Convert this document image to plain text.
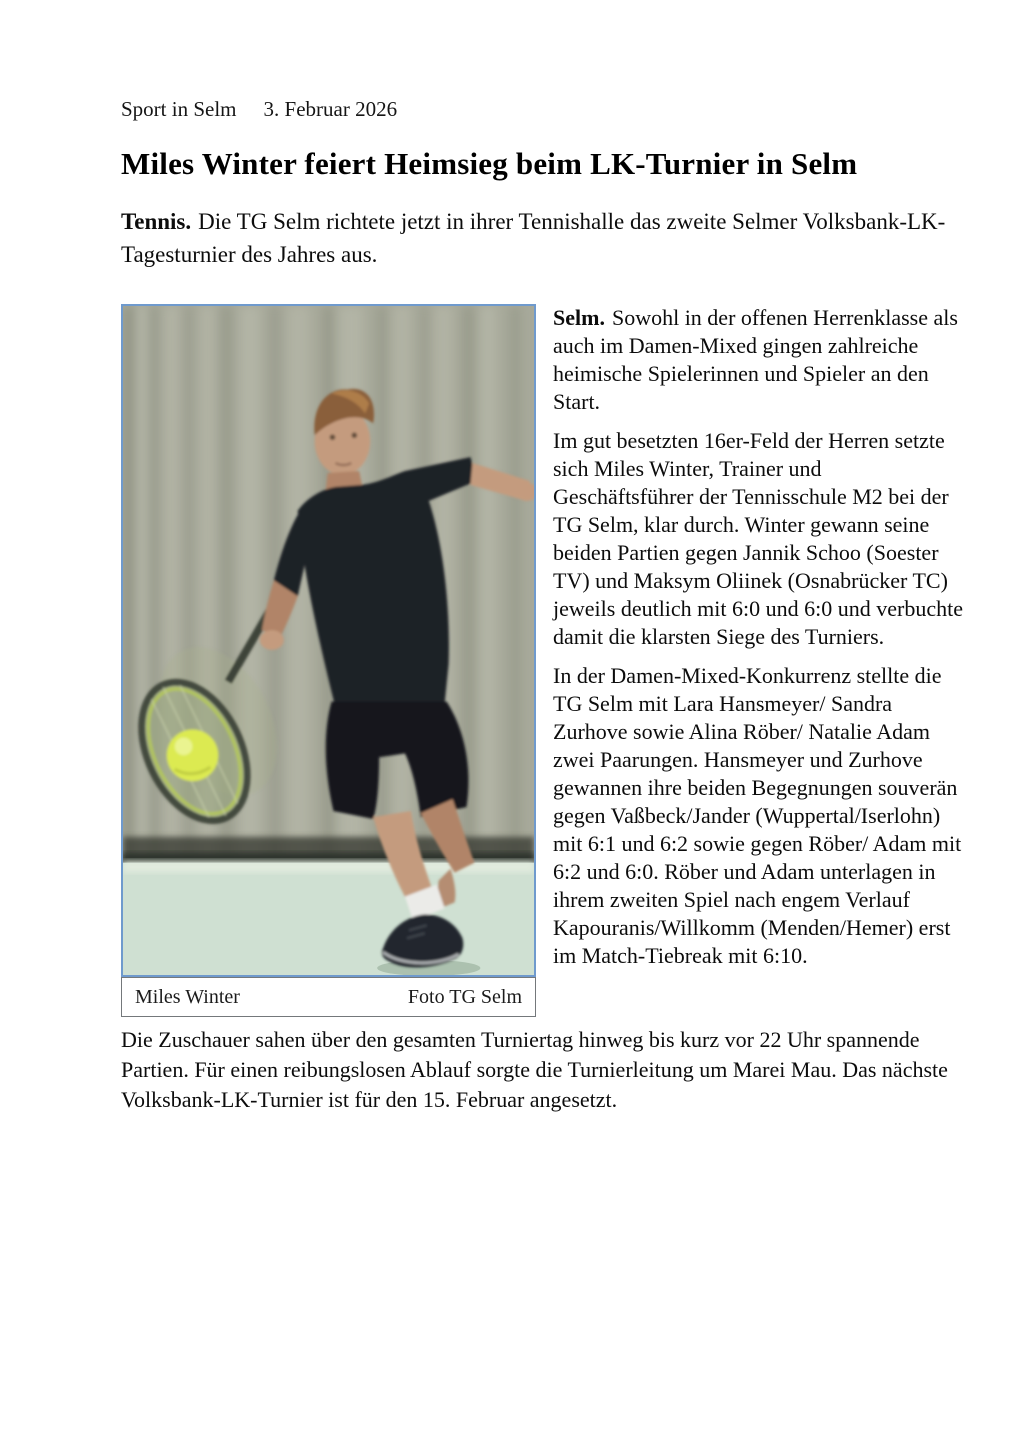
Sport in Selm 3. Februar 2026
Miles Winter feiert Heimsieg beim LK-Turnier in Selm

Tennis. Die TG Selm richtete jetzt in ihrer Tennishalle das zweite Selmer Volksbank-LK-Tagesturnier des Jahres aus.

Miles Winter	Foto TG Selm

Selm. Sowohl in der offenen Herrenklasse als auch im Damen-Mixed gingen zahlreiche heimische Spielerinnen und Spieler an den Start.

Im gut besetzten 16er-Feld der Herren setzte sich Miles Winter, Trainer und Geschäftsführer der Tennisschule M2 bei der TG Selm, klar durch. Winter gewann seine beiden Partien gegen Jannik Schoo (Soester TV) und Maksym Oliinek (Osnabrücker TC) jeweils deutlich mit 6:0 und 6:0 und verbuchte damit die klarsten Siege des Turniers.

In der Damen-Mixed-Konkurrenz stellte die TG Selm mit Lara Hansmeyer/ Sandra Zurhove sowie Alina Röber/ Natalie Adam zwei Paarungen. Hansmeyer und Zurhove gewannen ihre beiden Begegnungen souverän gegen Vaßbeck/Jander (Wuppertal/Iserlohn) mit 6:1 und 6:2 sowie gegen Röber/ Adam mit 6:2 und 6:0. Röber und Adam unterlagen in ihrem zweiten Spiel nach engem Verlauf Kapouranis/Willkomm (Menden/Hemer) erst im Match-Tiebreak mit 6:10.

Die Zuschauer sahen über den gesamten Turniertag hinweg bis kurz vor 22 Uhr spannende Partien. Für einen reibungslosen Ablauf sorgte die Turnierleitung um Marei Mau. Das nächste Volksbank-LK-Turnier ist für den 15. Februar angesetzt.
